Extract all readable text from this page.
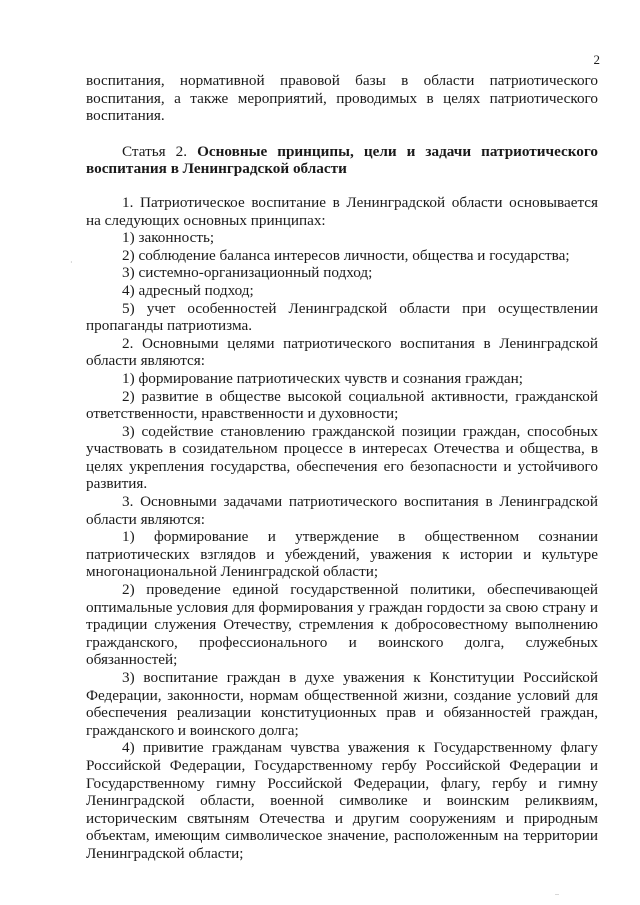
2

воспитания, нормативной правовой базы в области патриотического воспитания, а также мероприятий, проводимых в целях патриотического воспитания.

Статья 2. Основные принципы, цели и задачи патриотического воспитания в Ленинградской области

1. Патриотическое воспитание в Ленинградской области основывается на следующих основных принципах:

1) законность;

2) соблюдение баланса интересов личности, общества и государства;

3) системно-организационный подход;

4) адресный подход;

5) учет особенностей Ленинградской области при осуществлении пропаганды патриотизма.

2. Основными целями патриотического воспитания в Ленинградской области являются:

1) формирование патриотических чувств и сознания граждан;

2) развитие в обществе высокой социальной активности, гражданской ответственности, нравственности и духовности;

3) содействие становлению гражданской позиции граждан, способных участвовать в созидательном процессе в интересах Отечества и общества, в целях укрепления государства, обеспечения его безопасности и устойчивого развития.

3. Основными задачами патриотического воспитания в Ленинградской области являются:

1) формирование и утверждение в общественном сознании патриотических взглядов и убеждений, уважения к истории и культуре многонациональной Ленинградской области;

2) проведение единой государственной политики, обеспечивающей оптимальные условия для формирования у граждан гордости за свою страну и традиции служения Отечеству, стремления к добросовестному выполнению гражданского, профессионального и воинского долга, служебных обязанностей;

3) воспитание граждан в духе уважения к Конституции Российской Федерации, законности, нормам общественной жизни, создание условий для обеспечения реализации конституционных прав и обязанностей граждан, гражданского и воинского долга;

4) привитие гражданам чувства уважения к Государственному флагу Российской Федерации, Государственному гербу Российской Федерации и Государственному гимну Российской Федерации, флагу, гербу и гимну Ленинградской области, военной символике и воинским реликвиям, историческим святыням Отечества и другим сооружениям и природным объектам, имеющим символическое значение, расположенным на территории Ленинградской области;

·
..
